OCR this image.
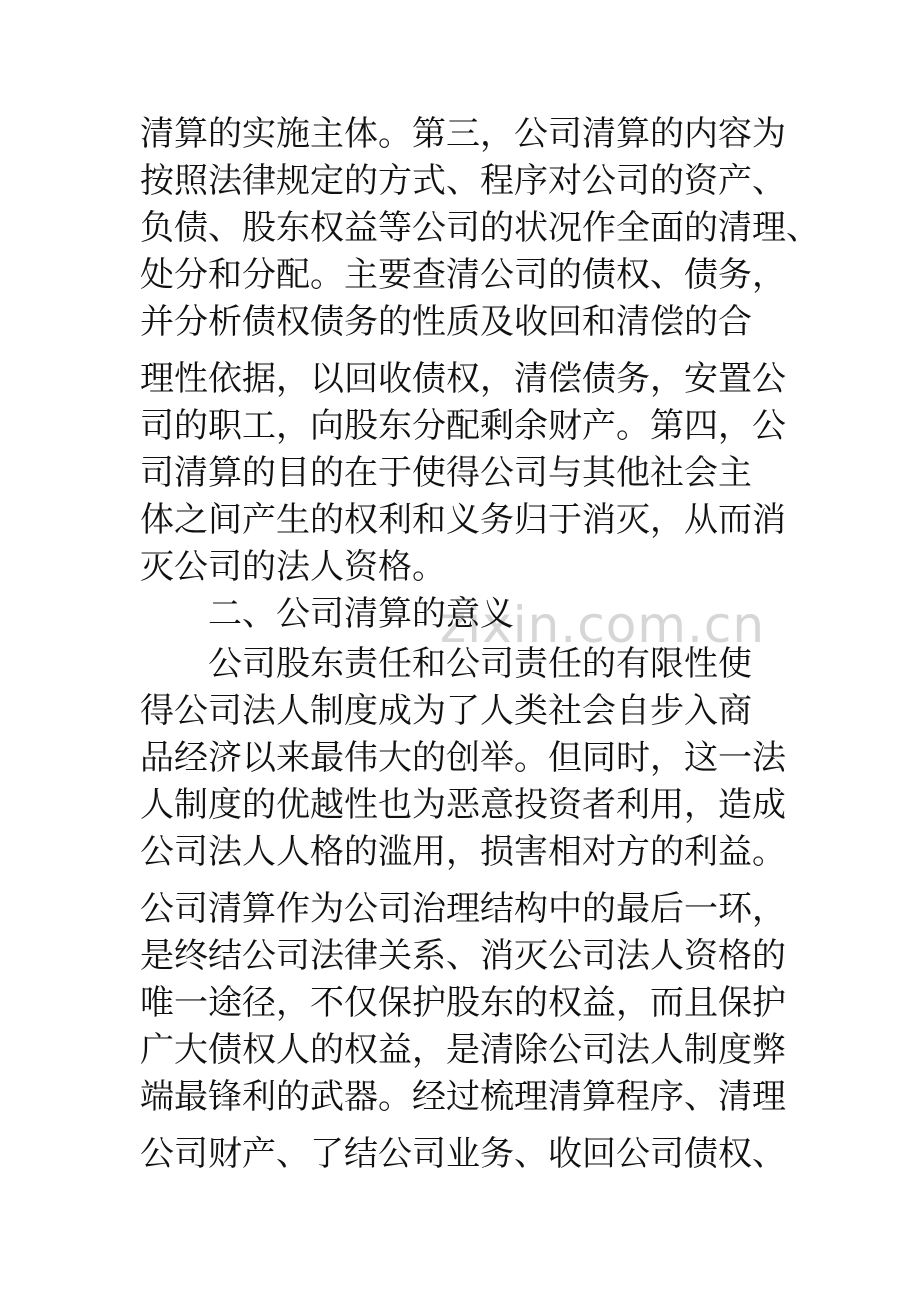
zixin.com.cn
清算的实施主体。第三，公司清算的内容为
按照法律规定的方式、程序对公司的资产、
负债、股东权益等公司的状况作全面的清理、
处分和分配。主要查清公司的债权、债务，
并分析债权债务的性质及收回和清偿的合
理性依据，以回收债权，清偿债务，安置公
司的职工，向股东分配剩余财产。第四，公
司清算的目的在于使得公司与其他社会主
体之间产生的权利和义务归于消灭，从而消
灭公司的法人资格。
二、公司清算的意义
公司股东责任和公司责任的有限性使
得公司法人制度成为了人类社会自步入商
品经济以来最伟大的创举。但同时，这一法
人制度的优越性也为恶意投资者利用，造成
公司法人人格的滥用，损害相对方的利益。
公司清算作为公司治理结构中的最后一环，
是终结公司法律关系、消灭公司法人资格的
唯一途径，不仅保护股东的权益，而且保护
广大债权人的权益，是清除公司法人制度弊
端最锋利的武器。经过梳理清算程序、清理
公司财产、了结公司业务、收回公司债权、
